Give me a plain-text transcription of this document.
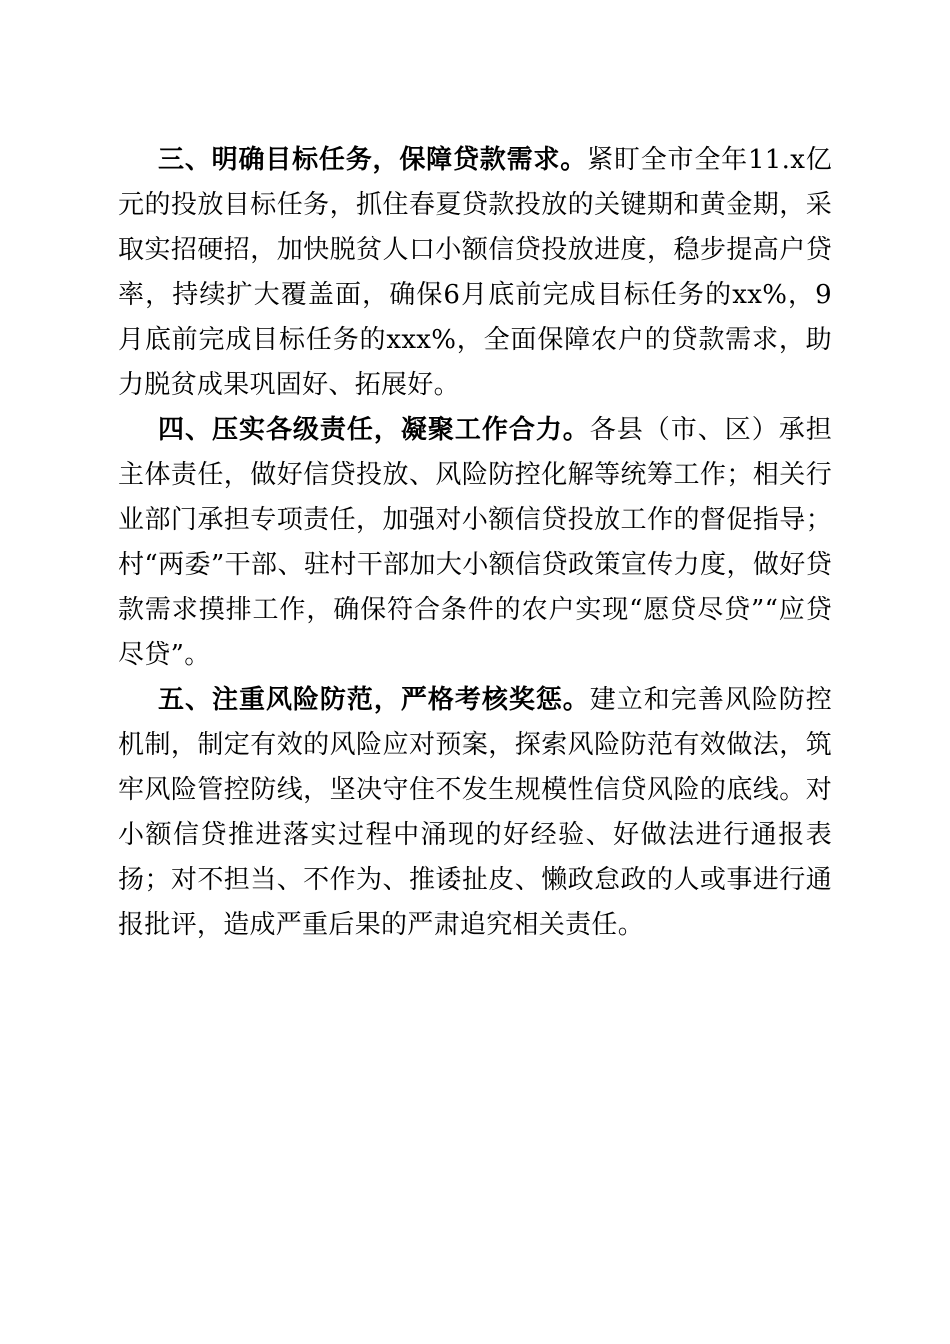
三、明确目标任务，保障贷款需求。紧盯全市全年11.x亿元的投放目标任务，抓住春夏贷款投放的关键期和黄金期，采取实招硬招，加快脱贫人口小额信贷投放进度，稳步提高户贷率，持续扩大覆盖面，确保6月底前完成目标任务的xx%，9月底前完成目标任务的xxx%，全面保障农户的贷款需求，助力脱贫成果巩固好、拓展好。

四、压实各级责任，凝聚工作合力。各县（市、区）承担主体责任，做好信贷投放、风险防控化解等统筹工作；相关行业部门承担专项责任，加强对小额信贷投放工作的督促指导；村“两委”干部、驻村干部加大小额信贷政策宣传力度，做好贷款需求摸排工作，确保符合条件的农户实现“愿贷尽贷”“应贷尽贷”。

五、注重风险防范，严格考核奖惩。建立和完善风险防控机制，制定有效的风险应对预案，探索风险防范有效做法，筑牢风险管控防线，坚决守住不发生规模性信贷风险的底线。对小额信贷推进落实过程中涌现的好经验、好做法进行通报表扬；对不担当、不作为、推诿扯皮、懒政怠政的人或事进行通报批评，造成严重后果的严肃追究相关责任。
